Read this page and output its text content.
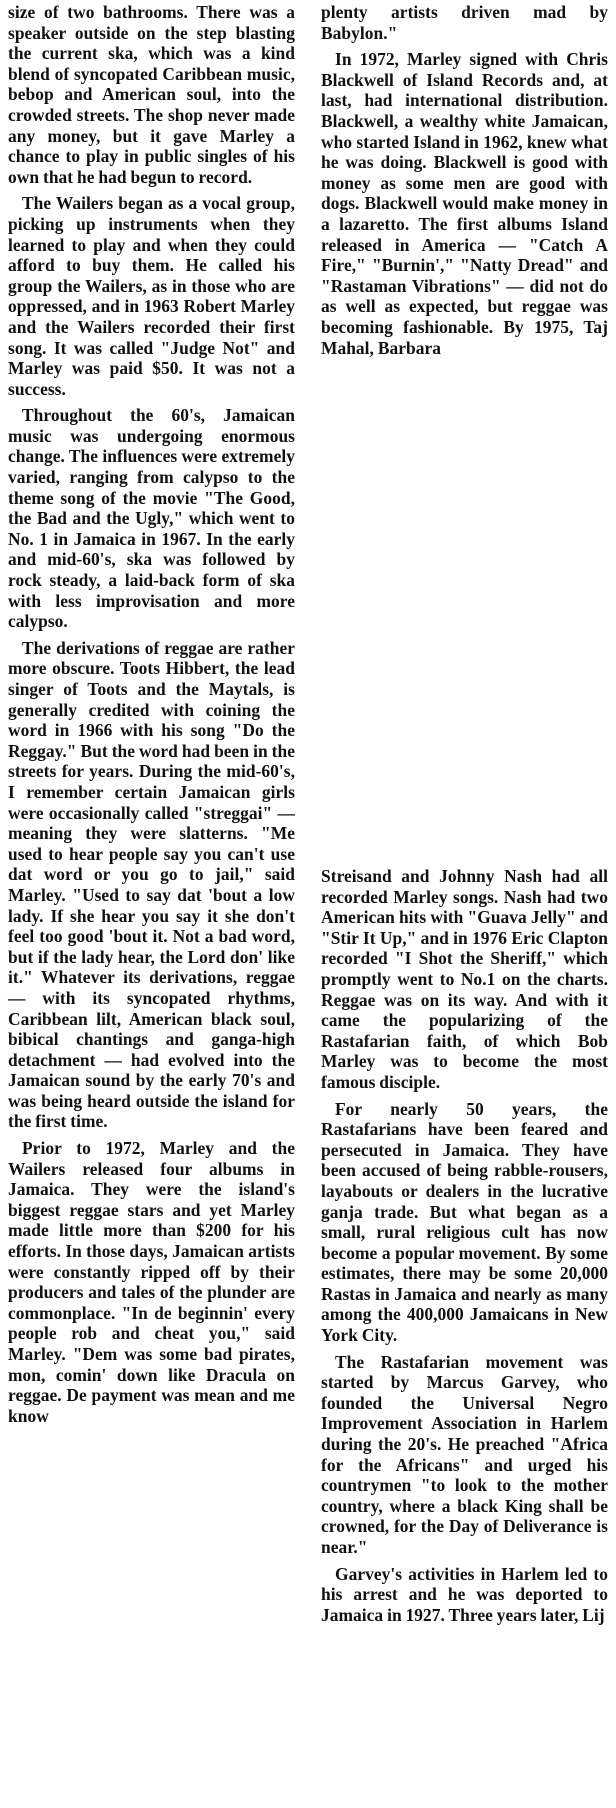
size of two bathrooms. There was a speaker outside on the step blasting the current ska, which was a kind blend of syncopated Caribbean music, bebop and American soul, into the crowded streets. The shop never made any money, but it gave Marley a chance to play in public singles of his own that he had begun to record.

The Wailers began as a vocal group, picking up instruments when they learned to play and when they could afford to buy them. He called his group the Wailers, as in those who are oppressed, and in 1963 Robert Marley and the Wailers recorded their first song. It was called "Judge Not" and Marley was paid $50. It was not a success.

Throughout the 60's, Jamaican music was undergoing enormous change. The influences were extremely varied, ranging from calypso to the theme song of the movie "The Good, the Bad and the Ugly," which went to No. 1 in Jamaica in 1967. In the early and mid-60's, ska was followed by rock steady, a laid-back form of ska with less improvisation and more calypso.

The derivations of reggae are rather more obscure. Toots Hibbert, the lead singer of Toots and the Maytals, is generally credited with coining the word in 1966 with his song "Do the Reggay." But the word had been in the streets for years. During the mid-60's, I remember certain Jamaican girls were occasionally called "streggai" — meaning they were slatterns. "Me used to hear people say you can't use dat word or you go to jail," said Marley. "Used to say dat 'bout a low lady. If she hear you say it she don't feel too good 'bout it. Not a bad word, but if the lady hear, the Lord don' like it." Whatever its derivations, reggae — with its syncopated rhythms, Caribbean lilt, American black soul, bibical chantings and ganga-high detachment — had evolved into the Jamaican sound by the early 70's and was being heard outside the island for the first time.

Prior to 1972, Marley and the Wailers released four albums in Jamaica. They were the island's biggest reggae stars and yet Marley made little more than $200 for his efforts. In those days, Jamaican artists were constantly ripped off by their producers and tales of the plunder are commonplace. "In de beginnin' every people rob and cheat you," said Marley. "Dem was some bad pirates, mon, comin' down like Dracula on reggae. De payment was mean and me know

plenty artists driven mad by Babylon."

In 1972, Marley signed with Chris Blackwell of Island Records and, at last, had international distribution. Blackwell, a wealthy white Jamaican, who started Island in 1962, knew what he was doing. Blackwell is good with money as some men are good with dogs. Blackwell would make money in a lazaretto. The first albums Island released in America — "Catch A Fire," "Burnin'," "Natty Dread" and "Rastaman Vibrations" — did not do as well as expected, but reggae was becoming fashionable. By 1975, Taj Mahal, Barbara

Streisand and Johnny Nash had all recorded Marley songs. Nash had two American hits with "Guava Jelly" and "Stir It Up," and in 1976 Eric Clapton recorded "I Shot the Sheriff," which promptly went to No.1 on the charts. Reggae was on its way. And with it came the popularizing of the Rastafarian faith, of which Bob Marley was to become the most famous disciple.

For nearly 50 years, the Rastafarians have been feared and persecuted in Jamaica. They have been accused of being rabble-rousers, layabouts or dealers in the lucrative ganja trade. But what began as a small, rural religious cult has now become a popular movement. By some estimates, there may be some 20,000 Rastas in Jamaica and nearly as many among the 400,000 Jamaicans in New York City.

The Rastafarian movement was started by Marcus Garvey, who founded the Universal Negro Improvement Association in Harlem during the 20's. He preached "Africa for the Africans" and urged his countrymen "to look to the mother country, where a black King shall be crowned, for the Day of Deliverance is near."

Garvey's activities in Harlem led to his arrest and he was deported to Jamaica in 1927. Three years later, Lij
